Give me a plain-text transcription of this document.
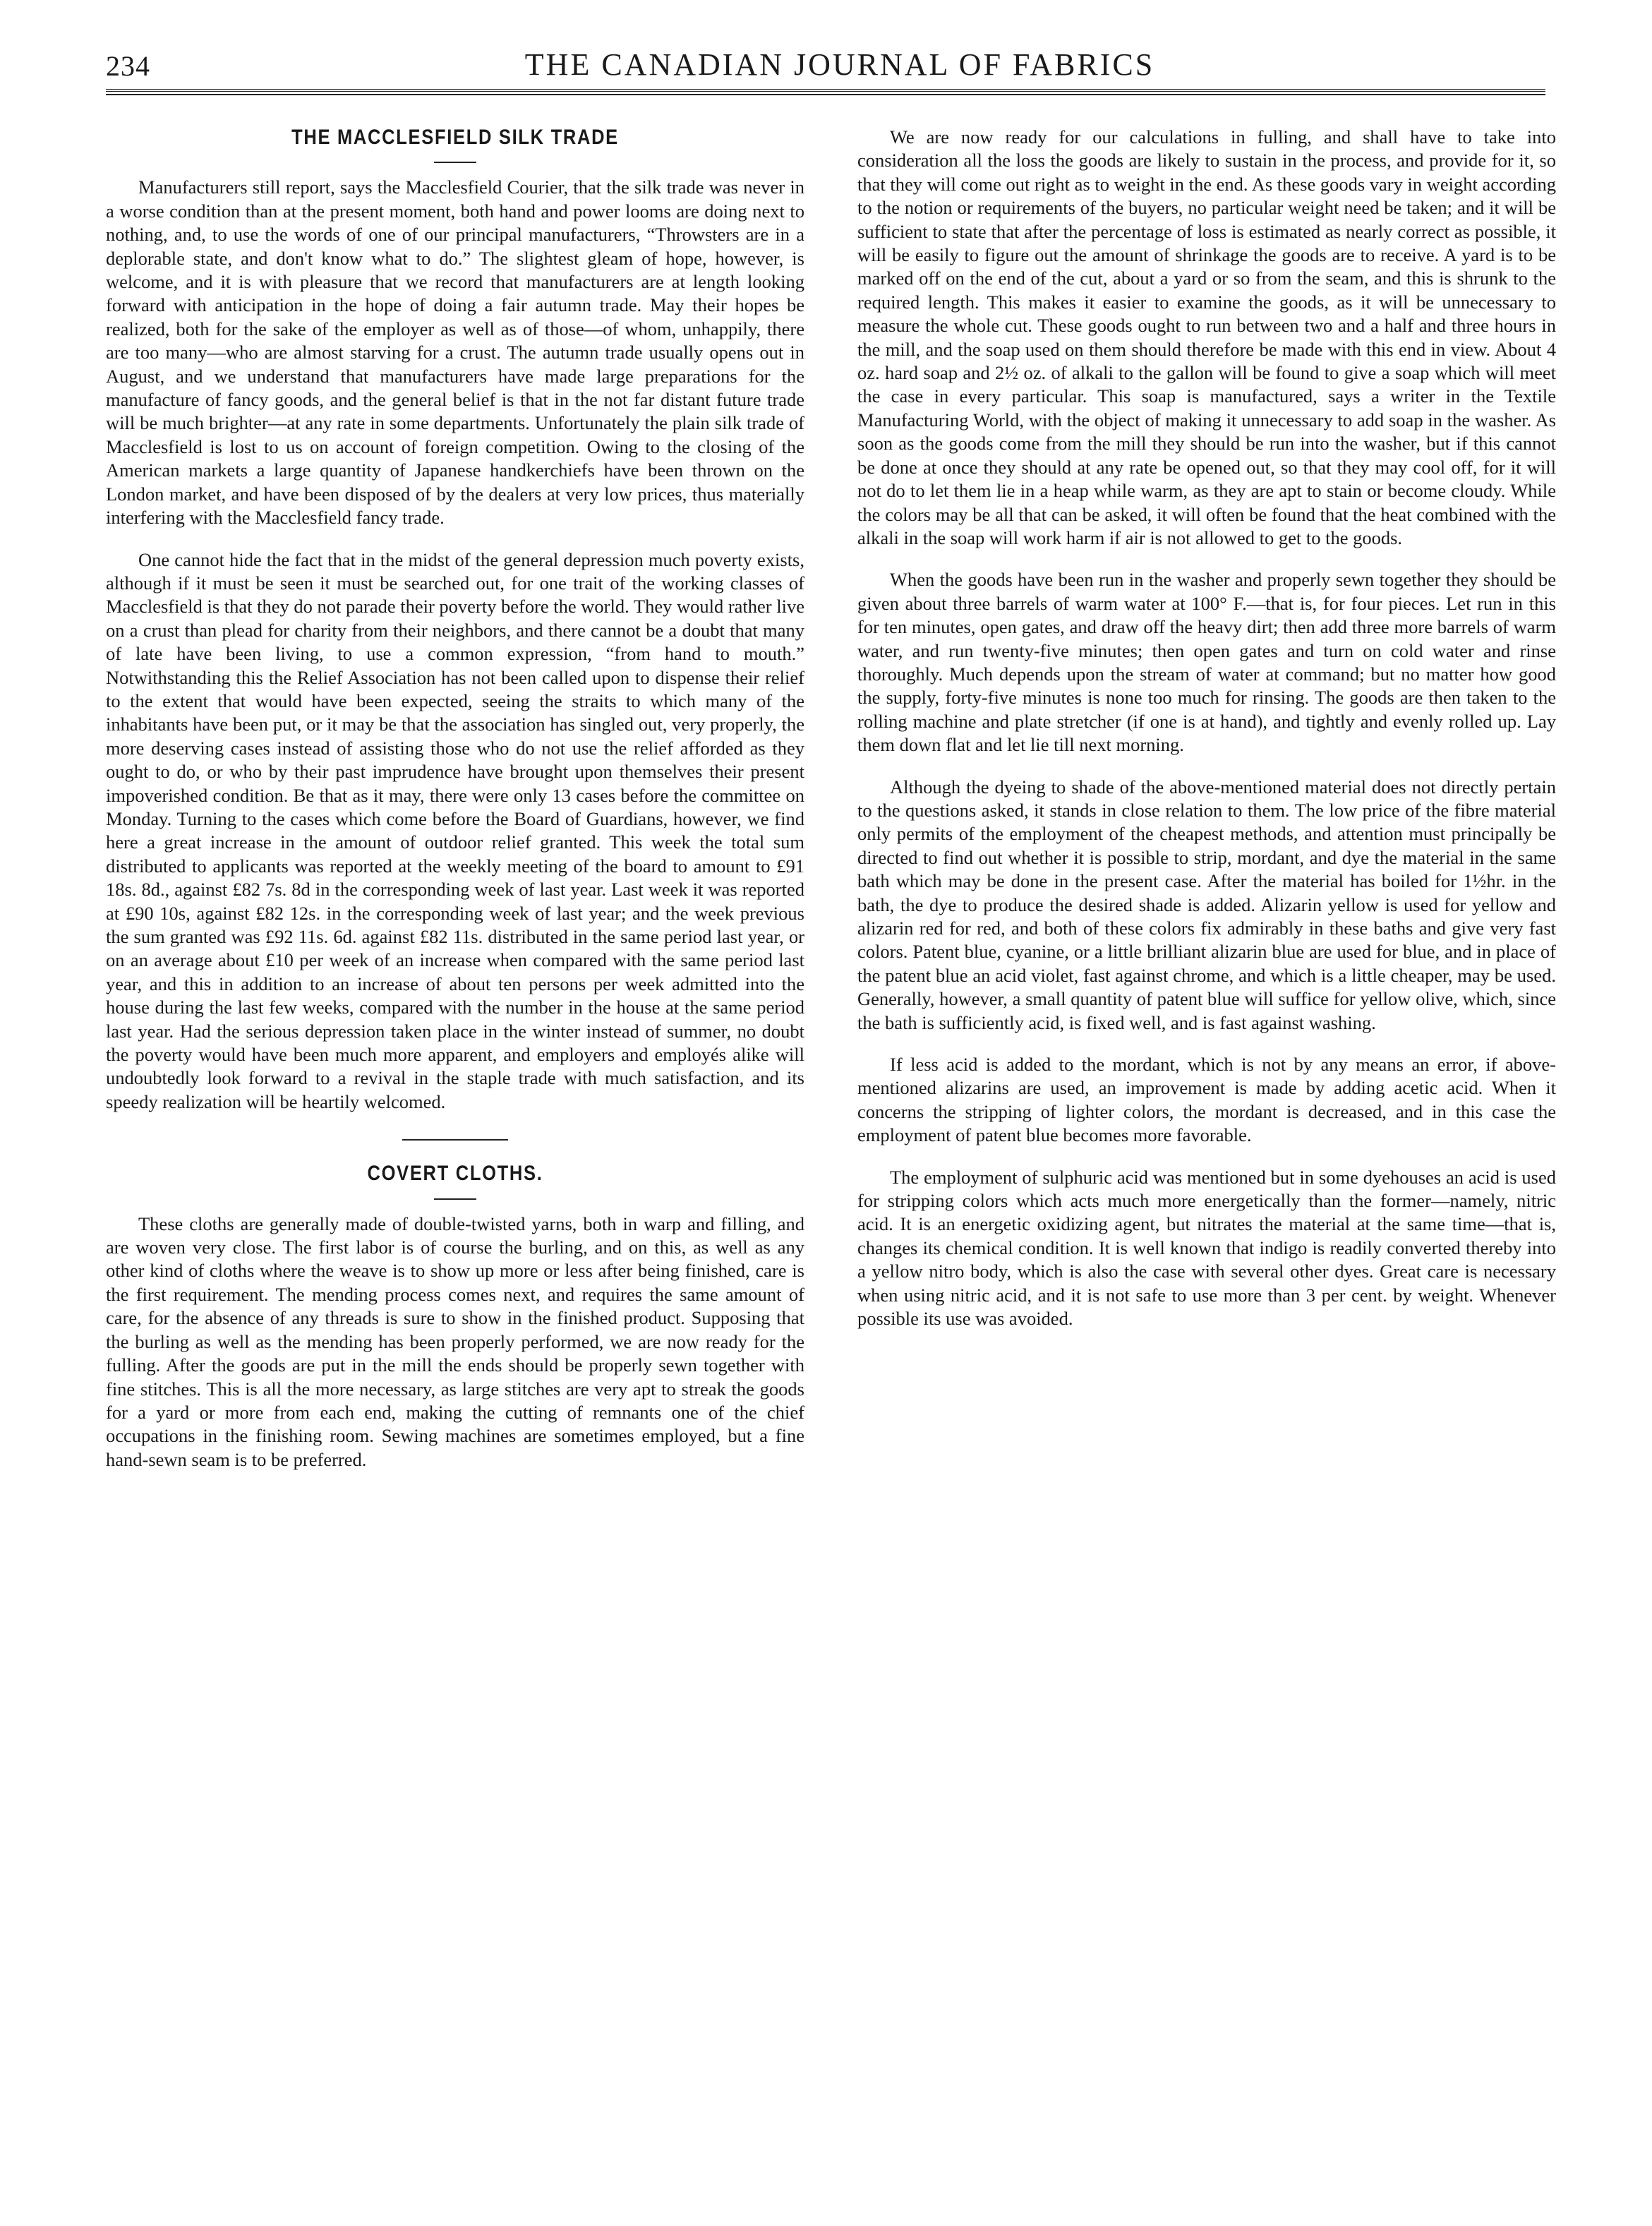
234	THE CANADIAN JOURNAL OF FABRICS
THE MACCLESFIELD SILK TRADE

Manufacturers still report, says the Macclesfield Courier, that the silk trade was never in a worse condition than at the present moment, both hand and power looms are doing next to nothing, and, to use the words of one of our principal manufacturers, “Throwsters are in a deplorable state, and don't know what to do.” The slightest gleam of hope, however, is welcome, and it is with pleasure that we record that manufacturers are at length looking forward with anticipation in the hope of doing a fair autumn trade. May their hopes be realized, both for the sake of the employer as well as of those—of whom, unhappily, there are too many—who are almost starving for a crust. The autumn trade usually opens out in August, and we understand that manufacturers have made large preparations for the manufacture of fancy goods, and the general belief is that in the not far distant future trade will be much brighter—at any rate in some departments. Unfortunately the plain silk trade of Macclesfield is lost to us on account of foreign competition. Owing to the closing of the American markets a large quantity of Japanese handkerchiefs have been thrown on the London market, and have been disposed of by the dealers at very low prices, thus materially interfering with the Macclesfield fancy trade.

One cannot hide the fact that in the midst of the general depression much poverty exists, although if it must be seen it must be searched out, for one trait of the working classes of Macclesfield is that they do not parade their poverty before the world. They would rather live on a crust than plead for charity from their neighbors, and there cannot be a doubt that many of late have been living, to use a common expression, “from hand to mouth.” Notwithstanding this the Relief Association has not been called upon to dispense their relief to the extent that would have been expected, seeing the straits to which many of the inhabitants have been put, or it may be that the association has singled out, very properly, the more deserving cases instead of assisting those who do not use the relief afforded as they ought to do, or who by their past imprudence have brought upon themselves their present impoverished condition. Be that as it may, there were only 13 cases before the committee on Monday. Turning to the cases which come before the Board of Guardians, however, we find here a great increase in the amount of outdoor relief granted. This week the total sum distributed to applicants was reported at the weekly meeting of the board to amount to £91 18s. 8d., against £82 7s. 8d in the corresponding week of last year. Last week it was reported at £90 10s, against £82 12s. in the corresponding week of last year; and the week previous the sum granted was £92 11s. 6d. against £82 11s. distributed in the same period last year, or on an average about £10 per week of an increase when compared with the same period last year, and this in addition to an increase of about ten persons per week admitted into the house during the last few weeks, compared with the number in the house at the same period last year. Had the serious depression taken place in the winter instead of summer, no doubt the poverty would have been much more apparent, and employers and employés alike will undoubtedly look forward to a revival in the staple trade with much satisfaction, and its speedy realization will be heartily welcomed.

COVERT CLOTHS.

These cloths are generally made of double-twisted yarns, both in warp and filling, and are woven very close. The first labor is of course the burling, and on this, as well as any other kind of cloths where the weave is to show up more or less after being finished, care is the first requirement. The mending process comes next, and requires the same amount of care, for the absence of any threads is sure to show in the finished product. Supposing that the burling as well as the mending has been properly performed, we are now ready for the fulling. After the goods are put in the mill the ends should be properly sewn together with fine stitches. This is all the more necessary, as large stitches are very apt to streak the goods for a yard or more from each end, making the cutting of remnants one of the chief occupations in the finishing room. Sewing machines are sometimes employed, but a fine hand-sewn seam is to be preferred.

We are now ready for our calculations in fulling, and shall have to take into consideration all the loss the goods are likely to sustain in the process, and provide for it, so that they will come out right as to weight in the end. As these goods vary in weight according to the notion or requirements of the buyers, no particular weight need be taken; and it will be sufficient to state that after the percentage of loss is estimated as nearly correct as possible, it will be easily to figure out the amount of shrinkage the goods are to receive. A yard is to be marked off on the end of the cut, about a yard or so from the seam, and this is shrunk to the required length. This makes it easier to examine the goods, as it will be unnecessary to measure the whole cut. These goods ought to run between two and a half and three hours in the mill, and the soap used on them should therefore be made with this end in view. About 4 oz. hard soap and 2½ oz. of alkali to the gallon will be found to give a soap which will meet the case in every particular. This soap is manufactured, says a writer in the Textile Manufacturing World, with the object of making it unnecessary to add soap in the washer. As soon as the goods come from the mill they should be run into the washer, but if this cannot be done at once they should at any rate be opened out, so that they may cool off, for it will not do to let them lie in a heap while warm, as they are apt to stain or become cloudy. While the colors may be all that can be asked, it will often be found that the heat combined with the alkali in the soap will work harm if air is not allowed to get to the goods.

When the goods have been run in the washer and properly sewn together they should be given about three barrels of warm water at 100° F.—that is, for four pieces. Let run in this for ten minutes, open gates, and draw off the heavy dirt; then add three more barrels of warm water, and run twenty-five minutes; then open gates and turn on cold water and rinse thoroughly. Much depends upon the stream of water at command; but no matter how good the supply, forty-five minutes is none too much for rinsing. The goods are then taken to the rolling machine and plate stretcher (if one is at hand), and tightly and evenly rolled up. Lay them down flat and let lie till next morning.

Although the dyeing to shade of the above-mentioned material does not directly pertain to the questions asked, it stands in close relation to them. The low price of the fibre material only permits of the employment of the cheapest methods, and attention must principally be directed to find out whether it is possible to strip, mordant, and dye the material in the same bath which may be done in the present case. After the material has boiled for 1½hr. in the bath, the dye to produce the desired shade is added. Alizarin yellow is used for yellow and alizarin red for red, and both of these colors fix admirably in these baths and give very fast colors. Patent blue, cyanine, or a little brilliant alizarin blue are used for blue, and in place of the patent blue an acid violet, fast against chrome, and which is a little cheaper, may be used. Generally, however, a small quantity of patent blue will suffice for yellow olive, which, since the bath is sufficiently acid, is fixed well, and is fast against washing.

If less acid is added to the mordant, which is not by any means an error, if above-mentioned alizarins are used, an improvement is made by adding acetic acid. When it concerns the stripping of lighter colors, the mordant is decreased, and in this case the employment of patent blue becomes more favorable.

The employment of sulphuric acid was mentioned but in some dyehouses an acid is used for stripping colors which acts much more energetically than the former—namely, nitric acid. It is an energetic oxidizing agent, but nitrates the material at the same time—that is, changes its chemical condition. It is well known that indigo is readily converted thereby into a yellow nitro body, which is also the case with several other dyes. Great care is necessary when using nitric acid, and it is not safe to use more than 3 per cent. by weight. Whenever possible its use was avoided.
